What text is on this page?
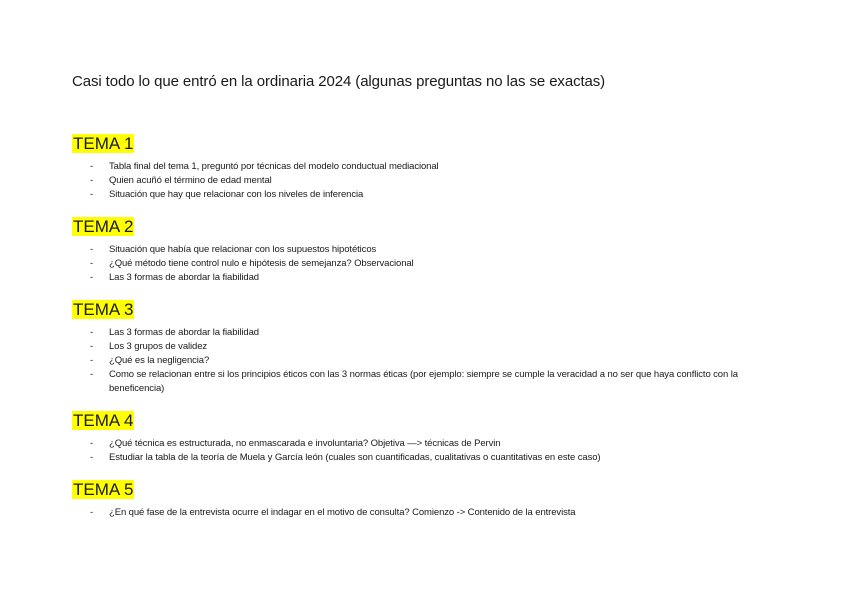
Casi todo lo que entró en la ordinaria 2024 (algunas preguntas no las se exactas)
TEMA 1
- Tabla final del tema 1, preguntó por técnicas del modelo conductual mediacional
- Quien acuñó el término de edad mental
- Situación que hay que relacionar con los niveles de inferencia
TEMA 2
- Situación que había que relacionar con los supuestos hipotéticos
- ¿Qué método tiene control nulo e hipótesis de semejanza? Observacional
- Las 3 formas de abordar la fiabilidad
TEMA 3
- Las 3 formas de abordar la fiabilidad
- Los 3 grupos de validez
- ¿Qué es la negligencia?
- Como se relacionan entre si los principios éticos con las 3 normas éticas (por ejemplo: siempre se cumple la veracidad a no ser que haya conflicto con la beneficencia)
TEMA 4
- ¿Qué técnica es estructurada, no enmascarada e involuntaria? Objetiva —> técnicas de Pervin
- Estudiar la tabla de la teoría de Muela y García león (cuales son cuantificadas, cualitativas o cuantitativas en este caso)
TEMA 5
- ¿En qué fase de la entrevista ocurre el indagar en el motivo de consulta? Comienzo -> Contenido de la entrevista
